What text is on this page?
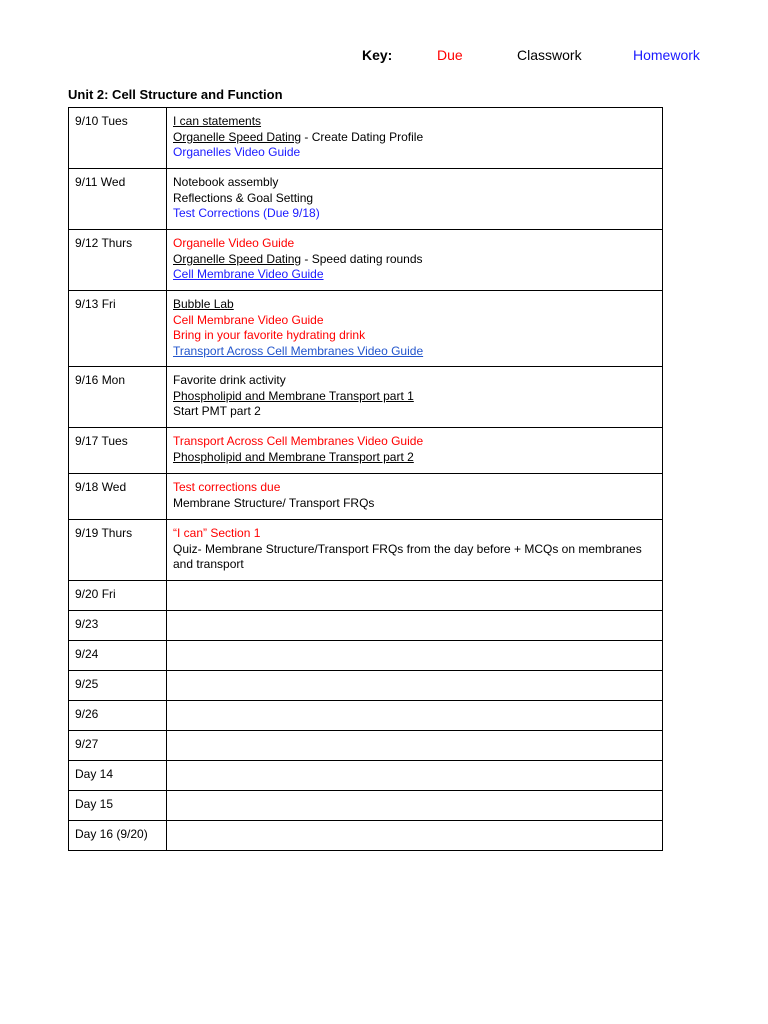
Key:	Due	Classwork	Homework
Unit 2: Cell Structure and Function
9/10 Tues	I can statements
Organelle Speed Dating - Create Dating Profile
Organelles Video Guide

9/11 Wed	Notebook assembly
Reflections & Goal Setting
Test Corrections (Due 9/18)

9/12 Thurs	Organelle Video Guide
Organelle Speed Dating - Speed dating rounds
Cell Membrane Video Guide

9/13 Fri	Bubble Lab
Cell Membrane Video Guide
Bring in your favorite hydrating drink
Transport Across Cell Membranes Video Guide

9/16 Mon	Favorite drink activity
Phospholipid and Membrane Transport part 1
Start PMT part 2

9/17 Tues	Transport Across Cell Membranes Video Guide
Phospholipid and Membrane Transport part 2

9/18 Wed	Test corrections due
Membrane Structure/ Transport FRQs

9/19 Thurs	“I can” Section 1
Quiz- Membrane Structure/Transport FRQs from the day before + MCQs on membranes and transport

9/20 Fri	
9/23	
9/24	
9/25	
9/26	
9/27	
Day 14	
Day 15	
Day 16 (9/20)	
